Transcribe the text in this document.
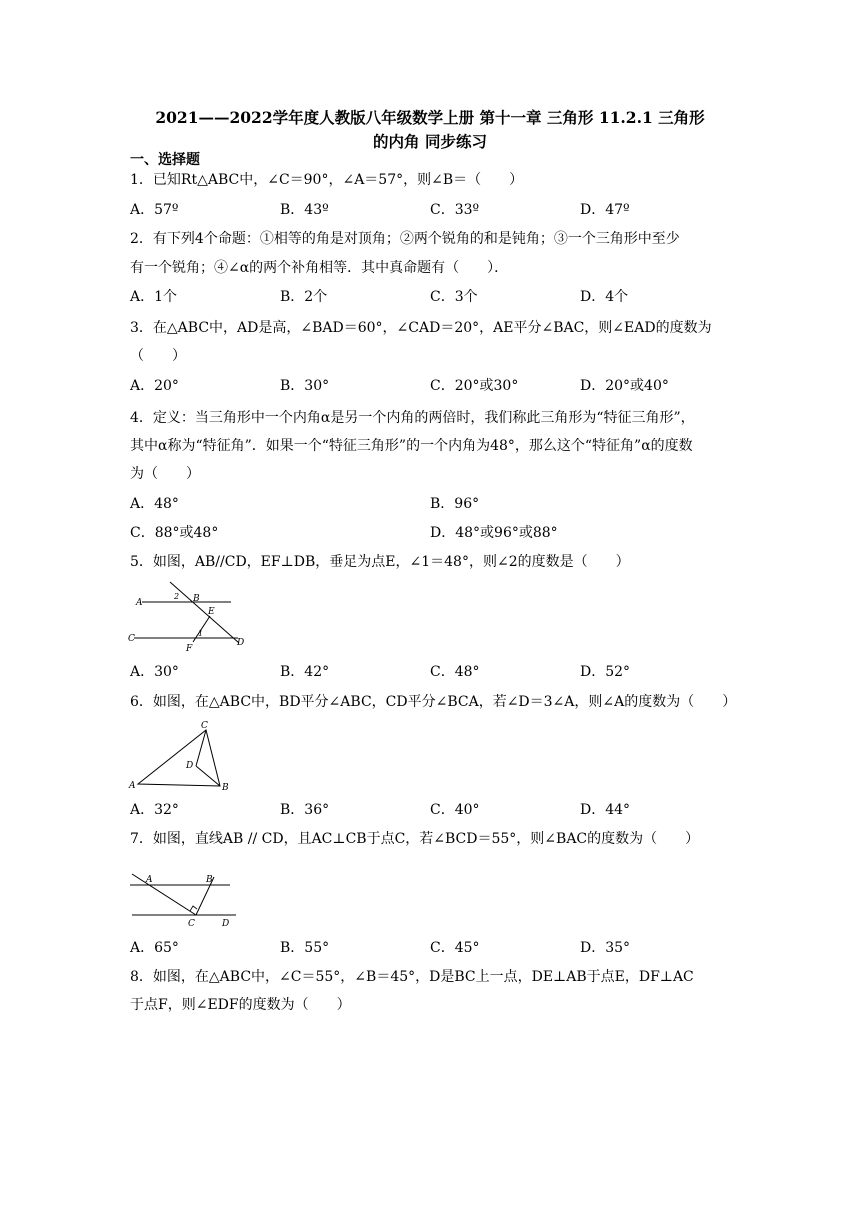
2021——2022学年度人教版八年级数学上册 第十一章 三角形 11.2.1 三角形
的内角 同步练习
一、选择题
1．已知Rt△ABC中，∠C＝90°，∠A＝57°，则∠B＝（　　）
A．57º	B．43º	C．33º	D．47º
2．有下列4个命题：①相等的角是对顶角；②两个锐角的和是钝角；③一个三角形中至少
有一个锐角；④∠α的两个补角相等．其中真命题有（　　）．
A．1个	B．2个	C．3个	D．4个
3．在△ABC中，AD是高，∠BAD＝60°，∠CAD＝20°，AE平分∠BAC，则∠EAD的度数为
（　　）
A．20°	B．30°	C．20°或30°	D．20°或40°
4．定义：当三角形中一个内角α是另一个内角的两倍时，我们称此三角形为“特征三角形”，
其中α称为“特征角”．如果一个“特征三角形”的一个内角为48°，那么这个“特征角”α的度数
为（　　）
A．48°	B．96°
C．88°或48°	D．48°或96°或88°
5．如图，AB//CD，EF⊥DB，垂足为点E，∠1＝48°，则∠2的度数是（　　）
A
2 B
E
C
1
F
D
A．30°	B．42°	C．48°	D．52°
6．如图，在△ABC中，BD平分∠ABC，CD平分∠BCA，若∠D＝3∠A，则∠A的度数为（　　）
C
D
A	B
A．32°	B．36°	C．40°	D．44°
7．如图，直线AB // CD，且AC⊥CB于点C，若∠BCD＝55°，则∠BAC的度数为（　　）
A	B
C	D
A．65°	B．55°	C．45°	D．35°
8．如图，在△ABC中，∠C＝55°，∠B＝45°，D是BC上一点，DE⊥AB于点E，DF⊥AC
于点F，则∠EDF的度数为（　　）
